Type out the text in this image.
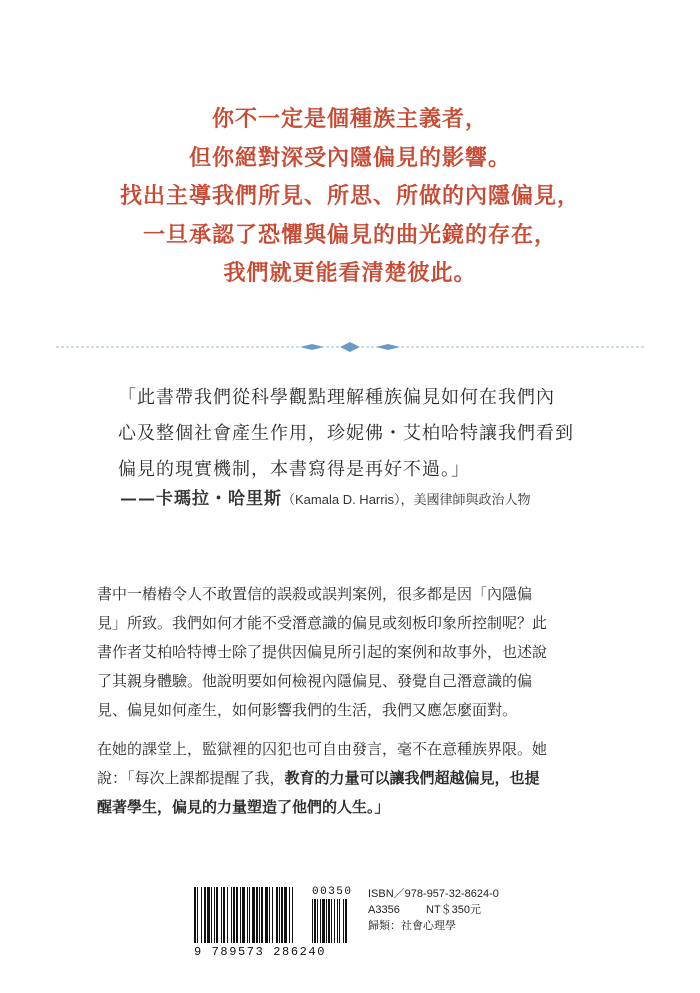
你不一定是個種族主義者，
但你絕對深受內隱偏見的影響。
找出主導我們所見、所思、所做的內隱偏見，
一旦承認了恐懼與偏見的曲光鏡的存在，
我們就更能看清楚彼此。
「此書帶我們從科學觀點理解種族偏見如何在我們內
心及整個社會產生作用，珍妮佛・艾柏哈特讓我們看到
偏見的現實機制，本書寫得是再好不過。」
——卡瑪拉・哈里斯（Kamala D. Harris），美國律師與政治人物
書中一樁樁令人不敢置信的誤殺或誤判案例，很多都是因「內隱偏
見」所致。我們如何才能不受潛意識的偏見或刻板印象所控制呢？此
書作者艾柏哈特博士除了提供因偏見所引起的案例和故事外，也述說
了其親身體驗。他說明要如何檢視內隱偏見、發覺自己潛意識的偏
見、偏見如何產生，如何影響我們的生活，我們又應怎麼面對。
在她的課堂上，監獄裡的囚犯也可自由發言，毫不在意種族界限。她
說：「每次上課都提醒了我，教育的力量可以讓我們超越偏見，也提
醒著學生，偏見的力量塑造了他們的人生。」
00350
9 789573 286240
ISBN／978-957-32-8624-0
A3356 NT＄350元
歸類：社會心理學
